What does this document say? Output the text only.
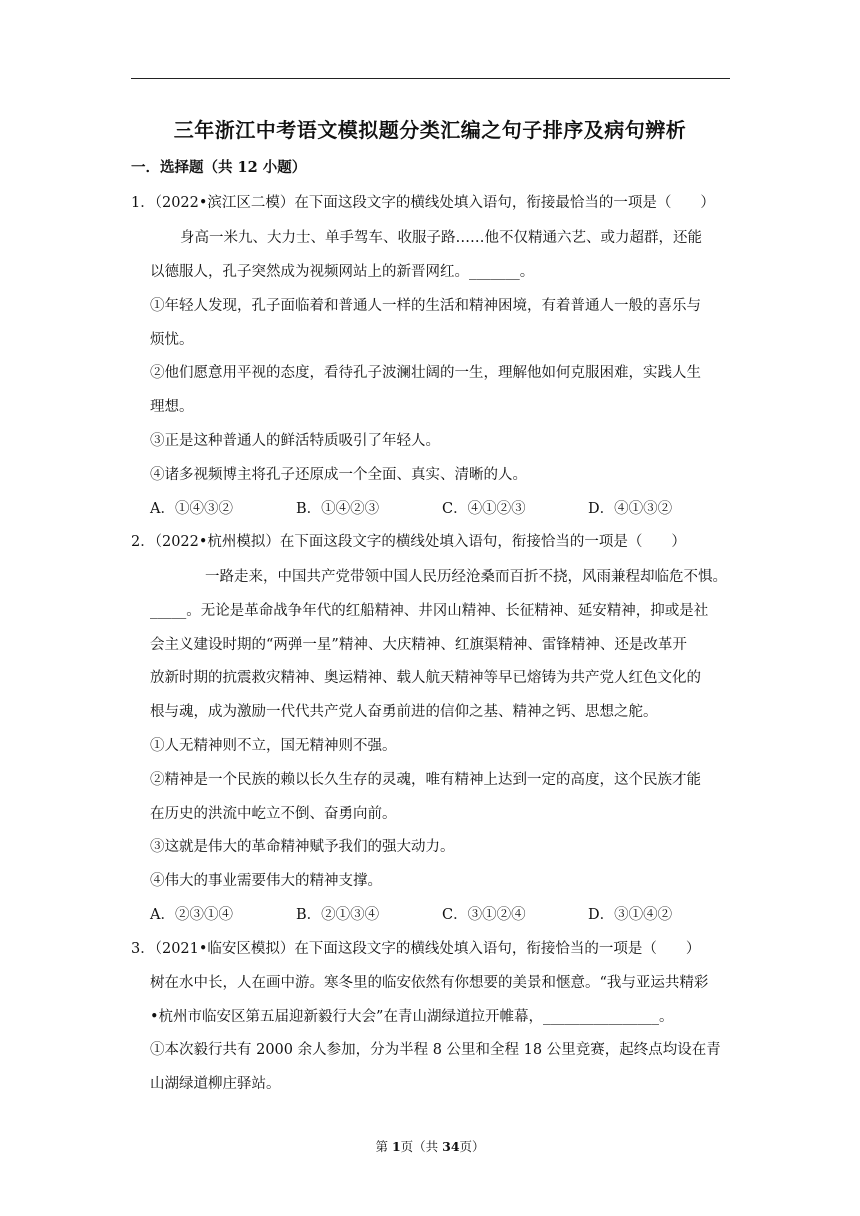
三年浙江中考语文模拟题分类汇编之句子排序及病句辨析
一．选择题（共 12 小题）
1．（2022•滨江区二模）在下面这段文字的横线处填入语句，衔接最恰当的一项是（　　）
身高一米九、大力士、单手驾车、收服子路……他不仅精通六艺、或力超群，还能
以德服人，孔子突然成为视频网站上的新晋网红。_______。
①年轻人发现，孔子面临着和普通人一样的生活和精神困境，有着普通人一般的喜乐与
烦忧。
②他们愿意用平视的态度，看待孔子波澜壮阔的一生，理解他如何克服困难，实践人生
理想。
③正是这种普通人的鲜活特质吸引了年轻人。
④诸多视频博主将孔子还原成一个全面、真实、清晰的人。
A．①④③②	B．①④②③	C．④①②③	D．④①③②
2．（2022•杭州模拟）在下面这段文字的横线处填入语句，衔接恰当的一项是（　　）
一路走来，中国共产党带领中国人民历经沧桑而百折不挠，风雨兼程却临危不惧。
_____。无论是革命战争年代的红船精神、井冈山精神、长征精神、延安精神，抑或是社
会主义建设时期的“两弹一星”精神、大庆精神、红旗渠精神、雷锋精神、还是改革开
放新时期的抗震救灾精神、奥运精神、载人航天精神等早已熔铸为共产党人红色文化的
根与魂，成为激励一代代共产党人奋勇前进的信仰之基、精神之钙、思想之舵。
①人无精神则不立，国无精神则不强。
②精神是一个民族的赖以长久生存的灵魂，唯有精神上达到一定的高度，这个民族才能
在历史的洪流中屹立不倒、奋勇向前。
③这就是伟大的革命精神赋予我们的强大动力。
④伟大的事业需要伟大的精神支撑。
A．②③①④	B．②①③④	C．③①②④	D．③①④②
3．（2021•临安区模拟）在下面这段文字的横线处填入语句，衔接恰当的一项是（　　）
树在水中长，人在画中游。寒冬里的临安依然有你想要的美景和惬意。“我与亚运共精彩
•杭州市临安区第五届迎新毅行大会”在青山湖绿道拉开帷幕，________________。
①本次毅行共有 2000 余人参加，分为半程 8 公里和全程 18 公里竞赛，起终点均设在青
山湖绿道柳庄驿站。
第 1页（共 34页）
